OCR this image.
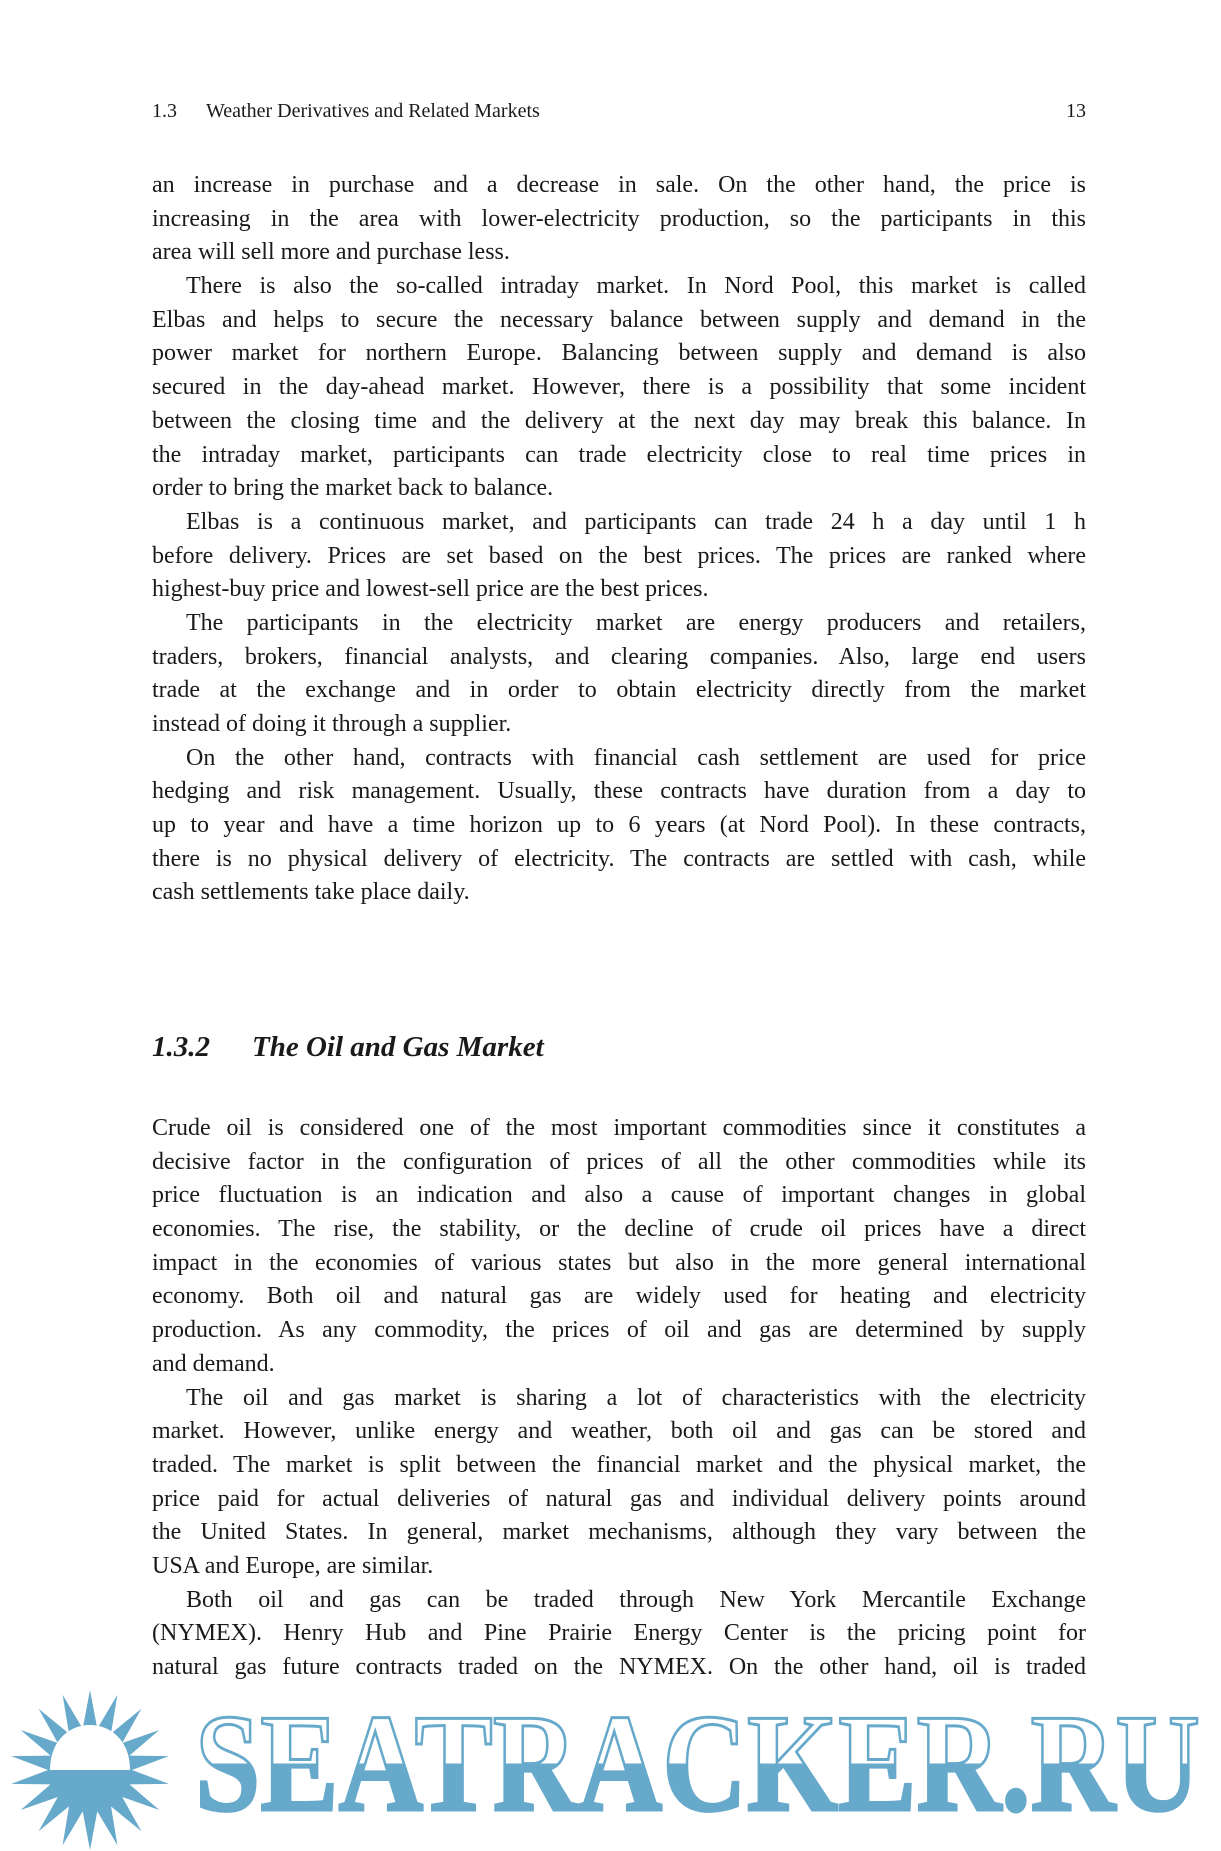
1.3 Weather Derivatives and Related Markets	13
an increase in purchase and a decrease in sale. On the other hand, the price is
increasing in the area with lower-electricity production, so the participants in this
area will sell more and purchase less.
There is also the so-called intraday market. In Nord Pool, this market is called
Elbas and helps to secure the necessary balance between supply and demand in the
power market for northern Europe. Balancing between supply and demand is also
secured in the day-ahead market. However, there is a possibility that some incident
between the closing time and the delivery at the next day may break this balance. In
the intraday market, participants can trade electricity close to real time prices in
order to bring the market back to balance.
Elbas is a continuous market, and participants can trade 24 h a day until 1 h
before delivery. Prices are set based on the best prices. The prices are ranked where
highest-buy price and lowest-sell price are the best prices.
The participants in the electricity market are energy producers and retailers,
traders, brokers, financial analysts, and clearing companies. Also, large end users
trade at the exchange and in order to obtain electricity directly from the market
instead of doing it through a supplier.
On the other hand, contracts with financial cash settlement are used for price
hedging and risk management. Usually, these contracts have duration from a day to
up to year and have a time horizon up to 6 years (at Nord Pool). In these contracts,
there is no physical delivery of electricity. The contracts are settled with cash, while
cash settlements take place daily.
1.3.2 The Oil and Gas Market
Crude oil is considered one of the most important commodities since it constitutes a
decisive factor in the configuration of prices of all the other commodities while its
price fluctuation is an indication and also a cause of important changes in global
economies. The rise, the stability, or the decline of crude oil prices have a direct
impact in the economies of various states but also in the more general international
economy. Both oil and natural gas are widely used for heating and electricity
production. As any commodity, the prices of oil and gas are determined by supply
and demand.
The oil and gas market is sharing a lot of characteristics with the electricity
market. However, unlike energy and weather, both oil and gas can be stored and
traded. The market is split between the financial market and the physical market, the
price paid for actual deliveries of natural gas and individual delivery points around
the United States. In general, market mechanisms, although they vary between the
USA and Europe, are similar.
Both oil and gas can be traded through New York Mercantile Exchange
(NYMEX). Henry Hub and Pine Prairie Energy Center is the pricing point for
natural gas future contracts traded on the NYMEX. On the other hand, oil is traded
SEATRACKER.RU
